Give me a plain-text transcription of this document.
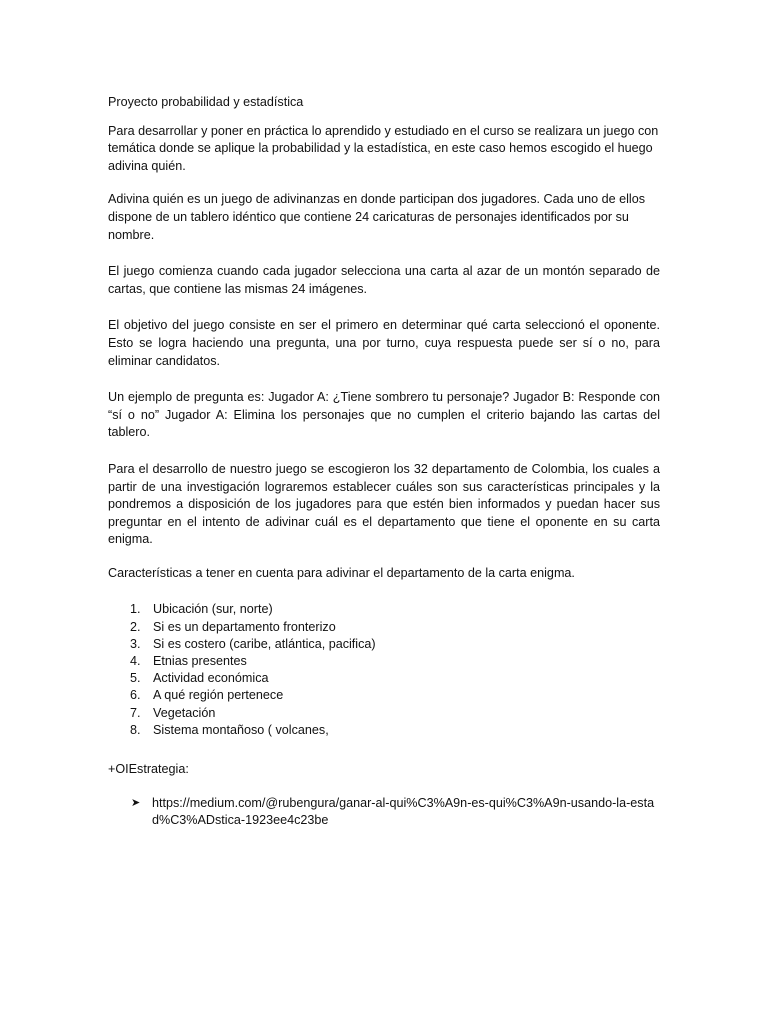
Proyecto probabilidad y estadística

Para desarrollar y poner en práctica lo aprendido y estudiado en el curso se realizara un juego con temática donde se aplique la probabilidad y la estadística, en este caso hemos escogido el huego adivina quién.

Adivina quién es un juego de adivinanzas en donde participan dos jugadores. Cada uno de ellos dispone de un tablero idéntico que contiene 24 caricaturas de personajes identificados por su nombre.

El juego comienza cuando cada jugador selecciona una carta al azar de un montón separado de cartas, que contiene las mismas 24 imágenes.

El objetivo del juego consiste en ser el primero en determinar qué carta seleccionó el oponente. Esto se logra haciendo una pregunta, una por turno, cuya respuesta puede ser sí o no, para eliminar candidatos.

Un ejemplo de pregunta es: Jugador A: ¿Tiene sombrero tu personaje? Jugador B: Responde con “sí o no” Jugador A: Elimina los personajes que no cumplen el criterio bajando las cartas del tablero.

Para el desarrollo de nuestro juego se escogieron los 32 departamento de Colombia, los cuales a partir de una investigación lograremos establecer cuáles son sus características principales y la pondremos a disposición de los jugadores para que estén bien informados y puedan hacer sus preguntar en el intento de adivinar cuál es el departamento que tiene el oponente en su carta enigma.

Características a tener en cuenta para adivinar el departamento de la carta enigma.

1. Ubicación (sur, norte)
2. Si es un departamento fronterizo
3. Si es costero (caribe, atlántica, pacifica)
4. Etnias presentes
5. Actividad económica
6. A qué región pertenece
7. Vegetación
8. Sistema montañoso ( volcanes,

+OIEstrategia:

➤ https://medium.com/@rubengura/ganar-al-qui%C3%A9n-es-qui%C3%A9n-usando-la-estad%C3%ADstica-1923ee4c23be
